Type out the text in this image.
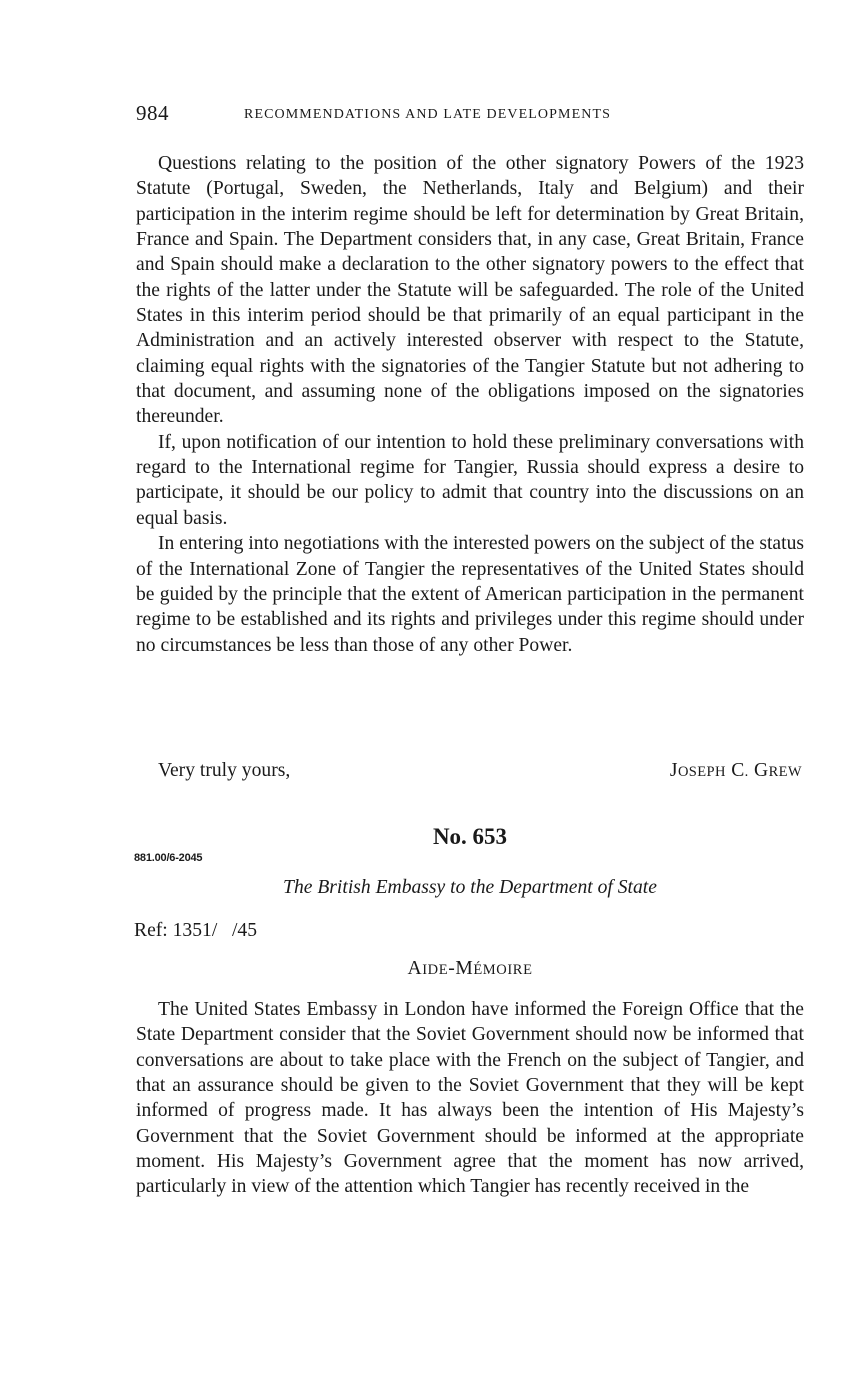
984	RECOMMENDATIONS AND LATE DEVELOPMENTS

Questions relating to the position of the other signatory Powers of the 1923 Statute (Portugal, Sweden, the Netherlands, Italy and Belgium) and their participation in the interim regime should be left for determination by Great Britain, France and Spain. The Department considers that, in any case, Great Britain, France and Spain should make a declaration to the other signatory powers to the effect that the rights of the latter under the Statute will be safeguarded. The role of the United States in this interim period should be that primarily of an equal participant in the Administration and an actively interested observer with respect to the Statute, claiming equal rights with the signatories of the Tangier Statute but not adhering to that document, and assuming none of the obligations imposed on the signatories thereunder.

If, upon notification of our intention to hold these preliminary conversations with regard to the International regime for Tangier, Russia should express a desire to participate, it should be our policy to admit that country into the discussions on an equal basis.

In entering into negotiations with the interested powers on the subject of the status of the International Zone of Tangier the representatives of the United States should be guided by the principle that the extent of American participation in the permanent regime to be established and its rights and privileges under this regime should under no circumstances be less than those of any other Power.

Very truly yours,	JOSEPH C. GREW
No. 653
881.00/6-2045
The British Embassy to the Department of State
Ref: 1351/   /45
AIDE-MÉMOIRE

The United States Embassy in London have informed the Foreign Office that the State Department consider that the Soviet Government should now be informed that conversations are about to take place with the French on the subject of Tangier, and that an assurance should be given to the Soviet Government that they will be kept informed of progress made. It has always been the intention of His Majesty’s Government that the Soviet Government should be informed at the appropriate moment. His Majesty’s Government agree that the moment has now arrived, particularly in view of the attention which Tangier has recently received in the
